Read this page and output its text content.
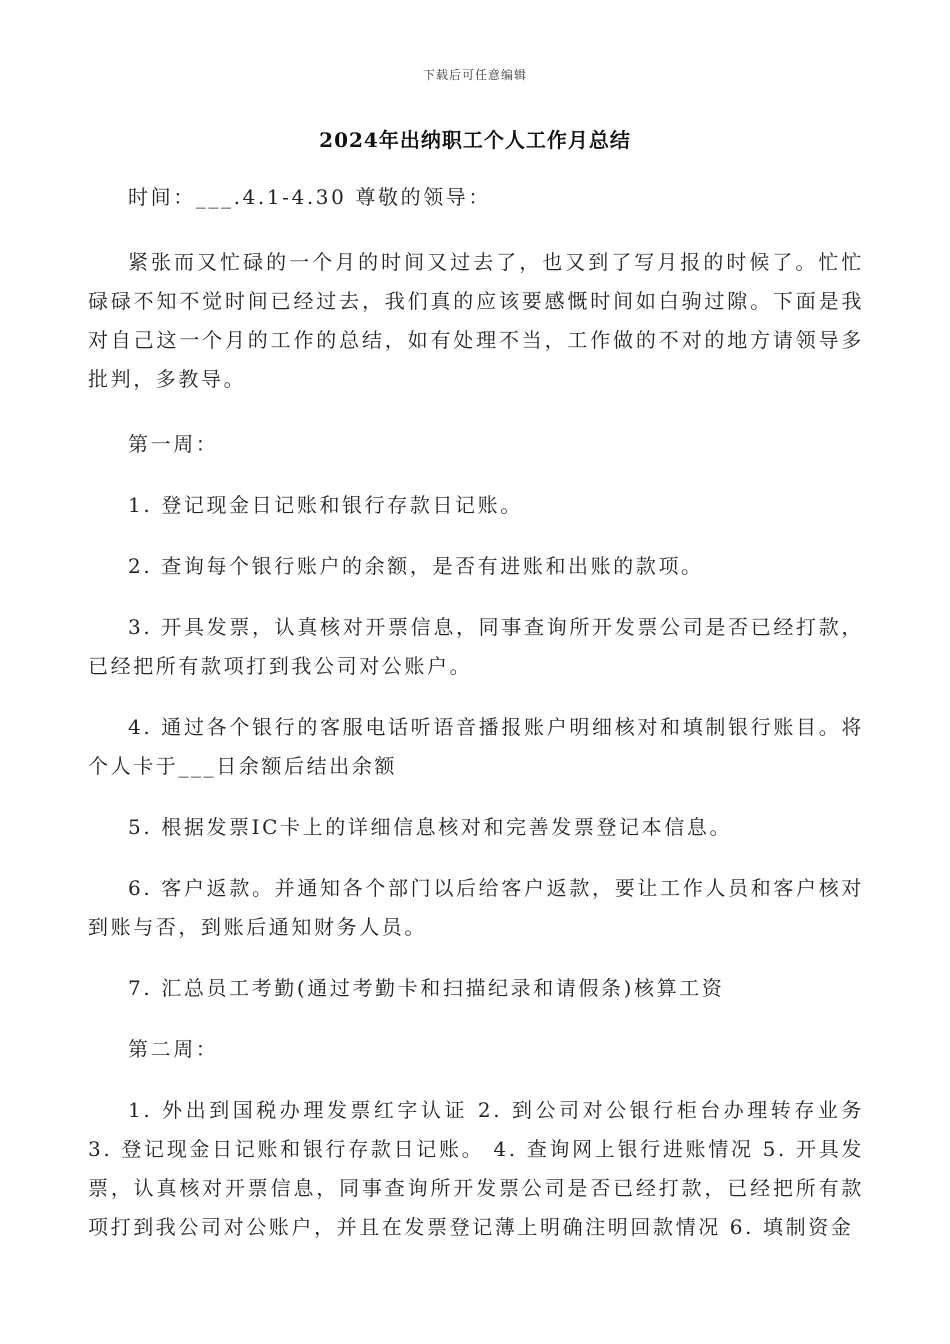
下载后可任意编辑
2024年出纳职工个人工作月总结

时间：___.4.1-4.30 尊敬的领导：

紧张而又忙碌的一个月的时间又过去了，也又到了写月报的时候了。忙忙碌碌不知不觉时间已经过去，我们真的应该要感慨时间如白驹过隙。下面是我对自己这一个月的工作的总结，如有处理不当，工作做的不对的地方请领导多批判，多教导。

第一周：

1. 登记现金日记账和银行存款日记账。

2. 查询每个银行账户的余额，是否有进账和出账的款项。

3. 开具发票，认真核对开票信息，同事查询所开发票公司是否已经打款，已经把所有款项打到我公司对公账户。

4. 通过各个银行的客服电话听语音播报账户明细核对和填制银行账目。将个人卡于___日余额后结出余额

5. 根据发票IC卡上的详细信息核对和完善发票登记本信息。

6. 客户返款。并通知各个部门以后给客户返款，要让工作人员和客户核对到账与否，到账后通知财务人员。

7. 汇总员工考勤(通过考勤卡和扫描纪录和请假条)核算工资

第二周：

1. 外出到国税办理发票红字认证 2. 到公司对公银行柜台办理转存业务 3. 登记现金日记账和银行存款日记账。 4. 查询网上银行进账情况 5. 开具发票，认真核对开票信息，同事查询所开发票公司是否已经打款，已经把所有款项打到我公司对公账户，并且在发票登记薄上明确注明回款情况 6. 填制资金
